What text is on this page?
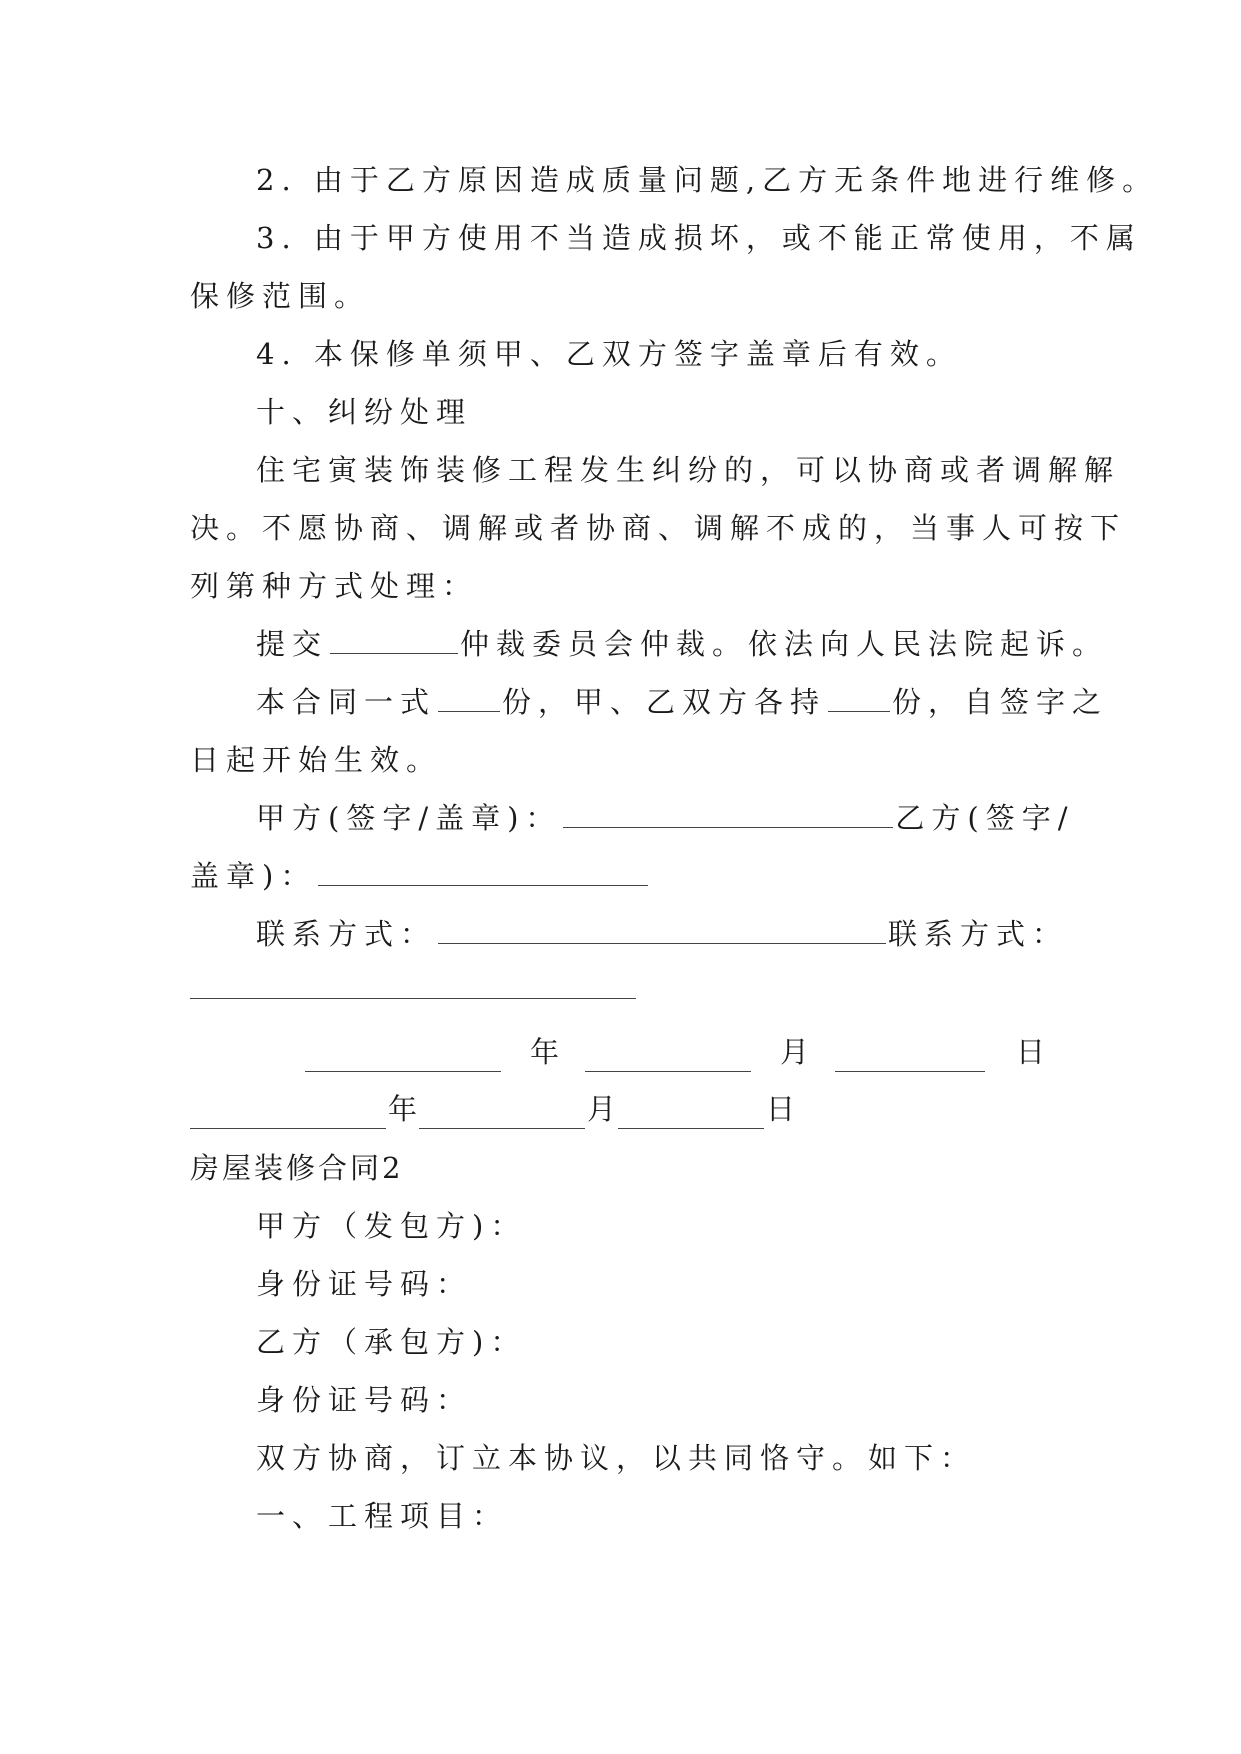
2. 由于乙方原因造成质量问题,乙方无条件地进行维修。
3. 由于甲方使用不当造成损坏，或不能正常使用，不属
保修范围。
4. 本保修单须甲、乙双方签字盖章后有效。
十、纠纷处理
住宅寅装饰装修工程发生纠纷的，可以协商或者调解解
决。不愿协商、调解或者协商、调解不成的，当事人可按下
列第种方式处理：
提交	仲裁委员会仲裁。依法向人民法院起诉。
本合同一式 份，甲、乙双方各持 份，自签字之
日起开始生效。
甲方(签字/盖章)：	乙方(签字/
盖章)：
联系方式：	联系方式：
年	月	日
年	月	日
房屋装修合同2
甲方（发包方)：
身份证号码：
乙方（承包方)：
身份证号码：
双方协商，订立本协议，以共同恪守。如下：
一、工程项目：
